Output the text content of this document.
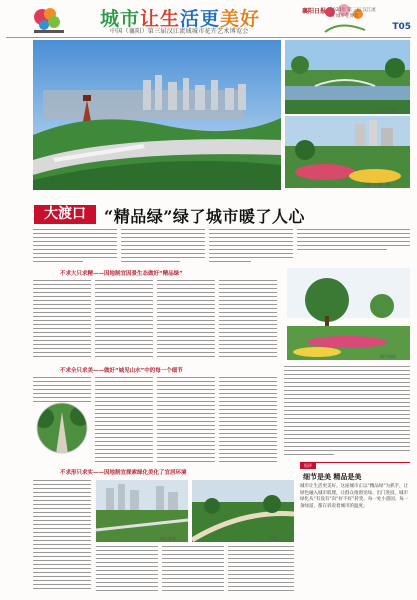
城市让生活更美好
中国（襄阳）第三届汉江流域城市花卉艺术博览会
襄阳日报 2021年 第三届 汉江流域 城市花博会
T05
杨晨 摄
汉江边风光
大渡口公园一景
大渡口	“精品绿”绿了城市暖了人心
不求大只求精——因地制宜因景生态做好“精品绿”
城市绿地
不求全只求美——做好“城见山水”中的每一个细节
不求形只求实——因地制宜探索绿化美化了宜居环境
城区新貌	绿道
短评
细节是美 精品是美
城市让生活更美好。这座城市正以“精品绿”为抓手，让绿色融入城市肌理，让群众推窗见绿、出门进园，城市绿化从“有没有”向“好不好”转变。每一处小游园、每一条绿道，都在诉说着城市的温度。
